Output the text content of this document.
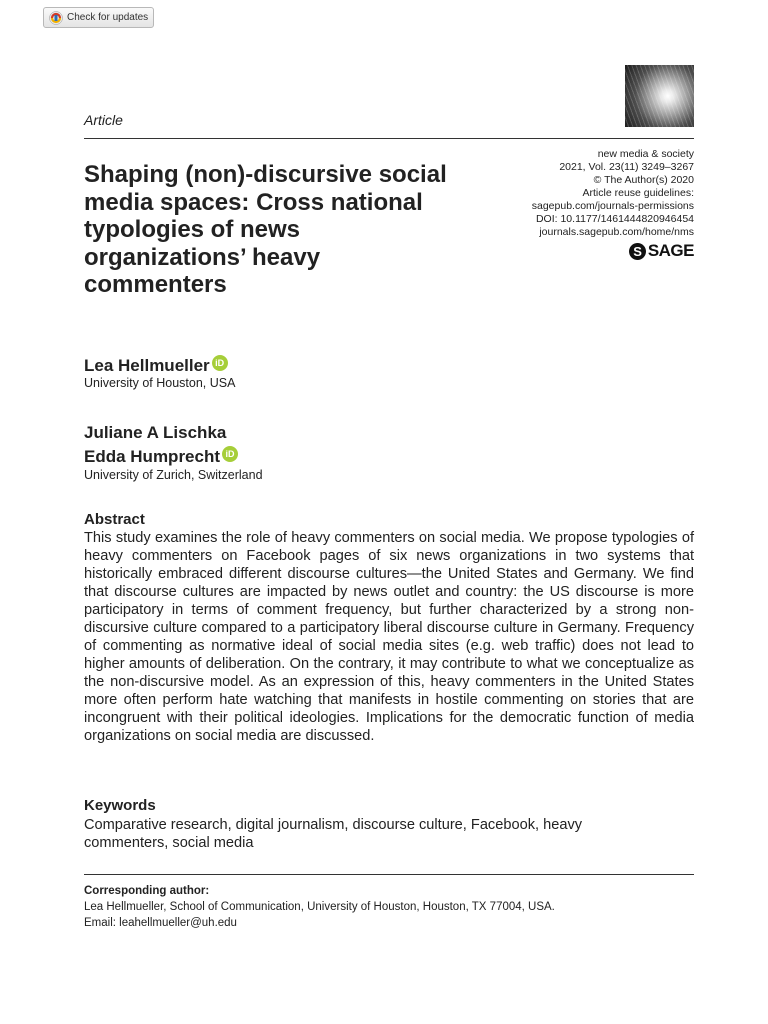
Check for updates
Article
Shaping (non)-discursive social media spaces: Cross national typologies of news organizations’ heavy commenters
new media & society
2021, Vol. 23(11) 3249–3267
© The Author(s) 2020
Article reuse guidelines:
sagepub.com/journals-permissions
DOI: 10.1177/1461444820946454
journals.sagepub.com/home/nms
S SAGE
Lea Hellmueller iD
University of Houston, USA
Juliane A Lischka
Edda Humprecht iD
University of Zurich, Switzerland
Abstract

This study examines the role of heavy commenters on social media. We propose typologies of heavy commenters on Facebook pages of six news organizations in two systems that historically embraced different discourse cultures—the United States and Germany. We find that discourse cultures are impacted by news outlet and country: the US discourse is more participatory in terms of comment frequency, but further characterized by a strong non-discursive culture compared to a participatory liberal discourse culture in Germany. Frequency of commenting as normative ideal of social media sites (e.g. web traffic) does not lead to higher amounts of deliberation. On the contrary, it may contribute to what we conceptualize as the non-discursive model. As an expression of this, heavy commenters in the United States more often perform hate watching that manifests in hostile commenting on stories that are incongruent with their political ideologies. Implications for the democratic function of media organizations on social media are discussed.

Keywords

Comparative research, digital journalism, discourse culture, Facebook, heavy commenters, social media

Corresponding author:
Lea Hellmueller, School of Communication, University of Houston, Houston, TX 77004, USA.
Email: leahellmueller@uh.edu
